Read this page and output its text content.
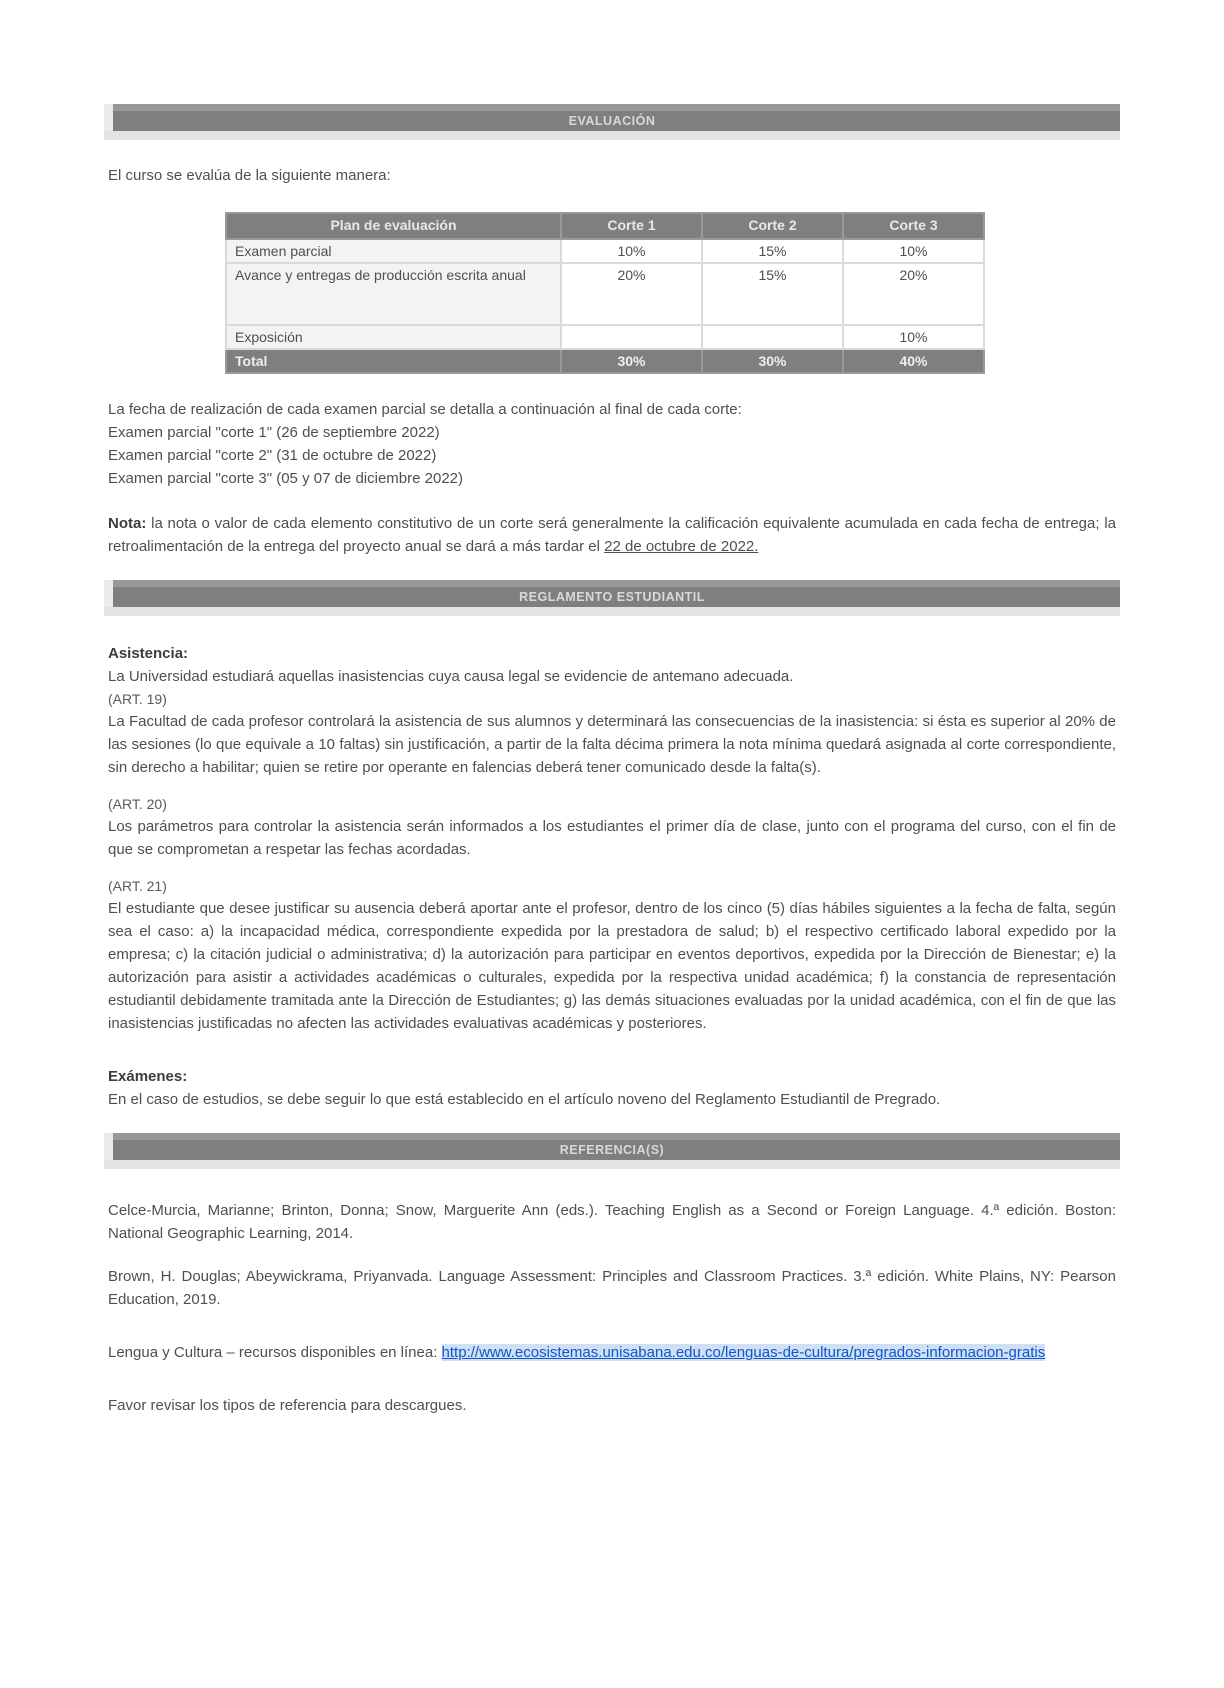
EVALUACIÓN
El curso se evalúa de la siguiente manera:
Plan de evaluación	Corte 1	Corte 2	Corte 3
Examen parcial	10%	15%	10%
Avance y entregas de producción escrita anual	20%	15%	20%
Exposición			10%
Total	30%	30%	40%
La fecha de realización de cada examen parcial se detalla a continuación al final de cada corte:
Examen parcial "corte 1" (26 de septiembre 2022)
Examen parcial "corte 2" (31 de octubre de 2022)
Examen parcial "corte 3" (05 y 07 de diciembre 2022)

Nota: la nota o valor de cada elemento constitutivo de un corte será generalmente la calificación equivalente acumulada en cada fecha de entrega; la retroalimentación de la entrega del proyecto anual se dará a más tardar el 22 de octubre de 2022.

REGLAMENTO ESTUDIANTIL
Asistencia:
La Universidad estudiará aquellas inasistencias cuya causa legal se evidencie de antemano adecuada.
(ART. 19)

La Facultad de cada profesor controlará la asistencia de sus alumnos y determinará las consecuencias de la inasistencia: si ésta es superior al 20% de las sesiones (lo que equivale a 10 faltas) sin justificación, a partir de la falta décima primera la nota mínima quedará asignada al corte correspondiente, sin derecho a habilitar; quien se retire por operante en falencias deberá tener comunicado desde la falta(s).

(ART. 20)

Los parámetros para controlar la asistencia serán informados a los estudiantes el primer día de clase, junto con el programa del curso, con el fin de que se comprometan a respetar las fechas acordadas.

(ART. 21)

El estudiante que desee justificar su ausencia deberá aportar ante el profesor, dentro de los cinco (5) días hábiles siguientes a la fecha de falta, según sea el caso: a) la incapacidad médica, correspondiente expedida por la prestadora de salud; b) el respectivo certificado laboral expedido por la empresa; c) la citación judicial o administrativa; d) la autorización para participar en eventos deportivos, expedida por la Dirección de Bienestar; e) la autorización para asistir a actividades académicas o culturales, expedida por la respectiva unidad académica; f) la constancia de representación estudiantil debidamente tramitada ante la Dirección de Estudiantes; g) las demás situaciones evaluadas por la unidad académica, con el fin de que las inasistencias justificadas no afecten las actividades evaluativas académicas y posteriores.

Exámenes:
En el caso de estudios, se debe seguir lo que está establecido en el artículo noveno del Reglamento Estudiantil de Pregrado.
REFERENCIA(S)

Celce-Murcia, Marianne; Brinton, Donna; Snow, Marguerite Ann (eds.). Teaching English as a Second or Foreign Language. 4.ª edición. Boston: National Geographic Learning, 2014.

Brown, H. Douglas; Abeywickrama, Priyanvada. Language Assessment: Principles and Classroom Practices. 3.ª edición. White Plains, NY: Pearson Education, 2019.

Lengua y Cultura – recursos disponibles en línea: http://www.ecosistemas.unisabana.edu.co/lenguas-de-cultura/pregrados-informacion-gratis

Favor revisar los tipos de referencia para descargues.
